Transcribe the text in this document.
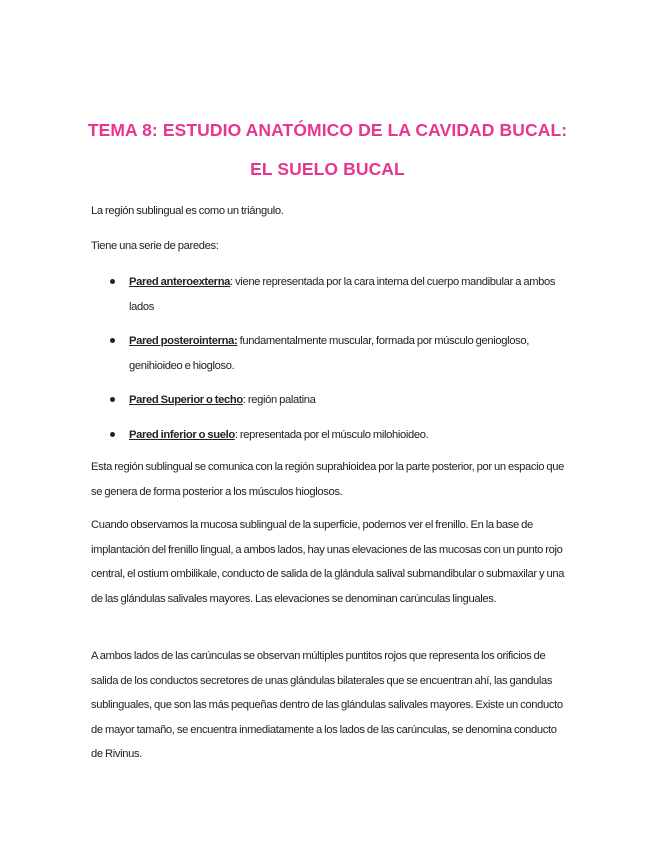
TEMA 8: ESTUDIO ANATÓMICO DE LA CAVIDAD BUCAL:
EL SUELO BUCAL

La región sublingual es como un triángulo.

Tiene una serie de paredes:

Pared anteroexterna: viene representada por la cara interna del cuerpo mandibular a ambos lados
Pared posterointerna: fundamentalmente muscular, formada por músculo geniogloso, genihioideo e hiogloso.
Pared Superior o techo: región palatina
Pared inferior o suelo: representada por el músculo milohioideo.

Esta región sublingual se comunica con la región suprahioidea por la parte posterior, por un espacio que se genera de forma posterior a los músculos hioglosos.

Cuando observamos la mucosa sublingual de la superficie, podemos ver el frenillo. En la base de implantación del frenillo lingual, a ambos lados, hay unas elevaciones de las mucosas con un punto rojo central, el ostium ombilikale, conducto de salida de la glándula salival submandibular o submaxilar y una de las glándulas salivales mayores. Las elevaciones se denominan carúnculas linguales.

A ambos lados de las carúnculas se observan múltiples puntitos rojos que representa los orificios de salida de los conductos secretores de unas glándulas bilaterales que se encuentran ahí, las gandulas sublinguales, que son las más pequeñas dentro de las glándulas salivales mayores. Existe un conducto de mayor tamaño, se encuentra inmediatamente a los lados de las carúnculas, se denomina conducto de Rivinus.
